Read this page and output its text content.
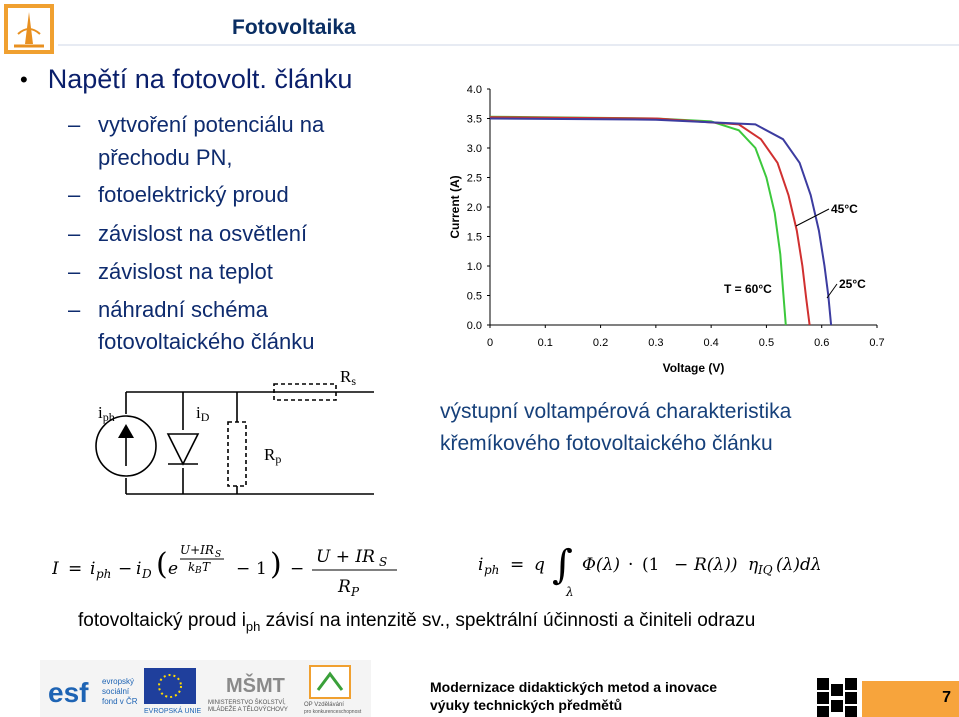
Fotovoltaika
• Napětí na fotovolt. článku
– vytvoření potenciálu na
přechodu PN,
– fotoelektrický proud
– závislost na osvětlení
– závislost na teplot
– náhradní schéma
fotovoltaického článku
0.0
0.5
1.0
1.5
2.0
2.5
3.0
3.5
4.0
0	0.1	0.2	0.3	0.4	0.5	0.6	0.7
Voltage (V)
Current (A)
T = 60°C
45°C
25°C
výstupní voltampérová charakteristika
křemíkového fotovoltaického článku
iph	iD
Rs
Rp
I = i ph − i D ( e
U+IR S
k B T − 1 ) −
U + IR S
R P
i ph = q ∫
λ
Φ(λ) · (1 − R(λ)) η IQ (λ)dλ
fotovoltaický proud $i_{ph}$ závisí na intenzitě sv., spektrální účinnosti a činiteli odrazu
esf evropský
sociální
fond v ČR
EVROPSKÁ UNIE
MŠMT
MINISTERSTVO ŠKOLSTVÍ,
MLÁDEŽE A TĚLOVÝCHOVY
OP Vzdělávání
pro konkurenceschopnost
Modernizace didaktických metod a inovace
výuky technických předmětů	7
